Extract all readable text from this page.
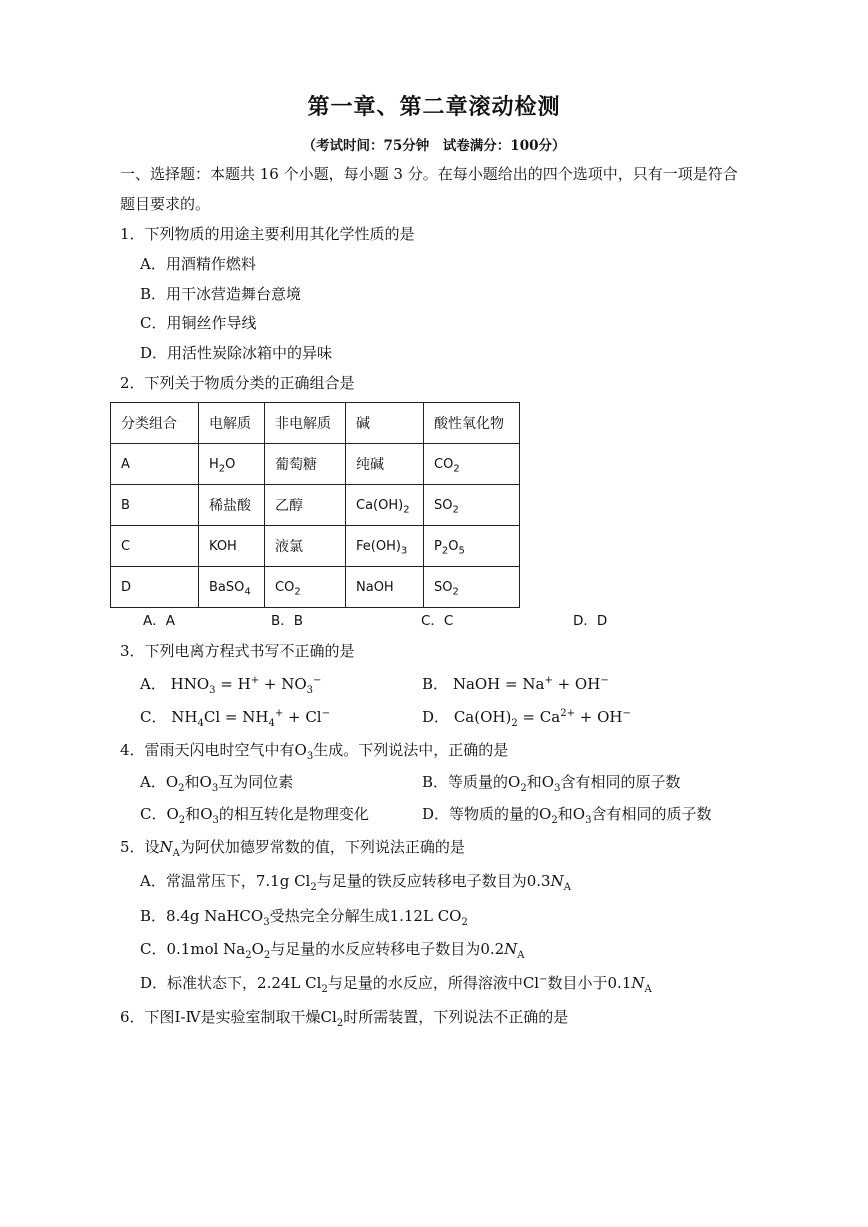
第一章、第二章滚动检测
（考试时间：75分钟　试卷满分：100分）
一、选择题：本题共 16 个小题，每小题 3 分。在每小题给出的四个选项中，只有一项是符合
题目要求的。
1．下列物质的用途主要利用其化学性质的是
A．用酒精作燃料
B．用干冰营造舞台意境
C．用铜丝作导线
D．用活性炭除冰箱中的异味
2．下列关于物质分类的正确组合是
分类组合	电解质	非电解质	碱	酸性氧化物
A	$H_2O$	葡萄糖	纯碱	$CO_2$
B	稀盐酸	乙醇	$Ca(OH)_2$	$SO_2$
C	KOH	液氯	$Fe(OH)_3$	$P_2O_5$
D	BaSO$_4$	$CO_2$	NaOH	$SO_2$
A．A	B．B	C．C	D．D
3．下列电离方程式书写不正确的是
A． $HNO_3 = H^+ + NO_3^-$	B． NaOH = Na+ + OH−
C． $NH_4Cl = NH_4^+ + Cl^-$	D． $Ca(OH)_2 = Ca^{2+} + OH^-$
4．雷雨天闪电时空气中有$O_3$生成。下列说法中，正确的是
A．$O_2$和$O_3$互为同位素	B．等质量的$O_2$和$O_3$含有相同的原子数
C．$O_2$和$O_3$的相互转化是物理变化	D．等物质的量的$O_2$和$O_3$含有相同的质子数
5．设$N_A$为阿伏加德罗常数的值，下列说法正确的是
A．常温常压下，7.1g $Cl_2$与足量的铁反应转移电子数目为$0.3N_A$
B．8.4g NaHCO$_3$受热完全分解生成1.12L $CO_2$
C．0.1mol $Na_2O_2$与足量的水反应转移电子数目为$0.2N_A$
D．标准状态下，2.24L $Cl_2$与足量的水反应，所得溶液中Cl−数目小于$0.1N_A$
6．下图Ⅰ-Ⅳ是实验室制取干燥$Cl_2$时所需装置，下列说法不正确的是
